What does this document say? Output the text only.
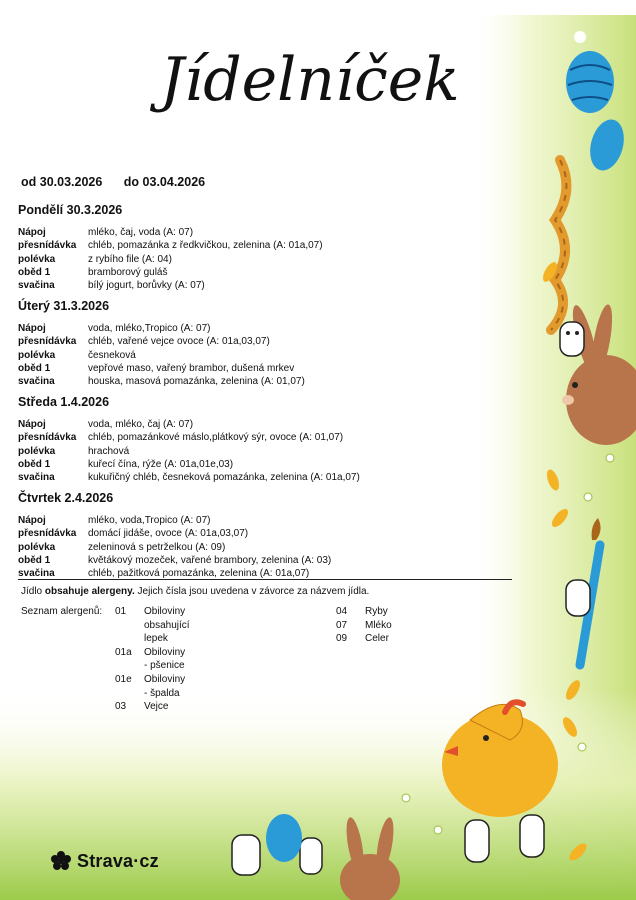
Jídelníček
od 30.03.2026 do 03.04.2026
Pondělí 30.3.2026
Nápoj	mléko, čaj, voda (A: 07)
přesnídávka	chléb, pomazánka z ředkvičkou, zelenina (A: 01a,07)
polévka	z rybího file (A: 04)
oběd 1	bramborový guláš
svačina	bílý jogurt, borůvky (A: 07)
Úterý 31.3.2026
Nápoj	voda, mléko,Tropico (A: 07)
přesnídávka	chléb, vařené vejce ovoce (A: 01a,03,07)
polévka	česneková
oběd 1	vepřové maso, vařený brambor, dušená mrkev
svačina	houska, masová pomazánka, zelenina (A: 01,07)
Středa 1.4.2026
Nápoj	voda, mléko, čaj (A: 07)
přesnídávka	chléb, pomazánkové máslo,plátkový sýr, ovoce (A: 01,07)
polévka	hrachová
oběd 1	kuřecí čína, rýže (A: 01a,01e,03)
svačina	kukuřičný chléb, česneková pomazánka, zelenina (A: 01a,07)
Čtvrtek 2.4.2026
Nápoj	mléko, voda,Tropico (A: 07)
přesnídávka	domácí jidáše, ovoce (A: 01a,03,07)
polévka	zeleninová s petrželkou (A: 09)
oběd 1	květákový mozeček, vařené brambory, zelenina (A: 03)
svačina	chléb, pažitková pomazánka, zelenina (A: 01a,07)
Jídlo obsahuje alergeny. Jejich čísla jsou uvedena v závorce za názvem jídla.
Seznam alergenů: 01	Obiloviny obsahující lepek
01a	Obiloviny - pšenice
01e	Obiloviny - špalda
03	Vejce
04	Ryby
07	Mléko
09	Celer
Strava·cz
